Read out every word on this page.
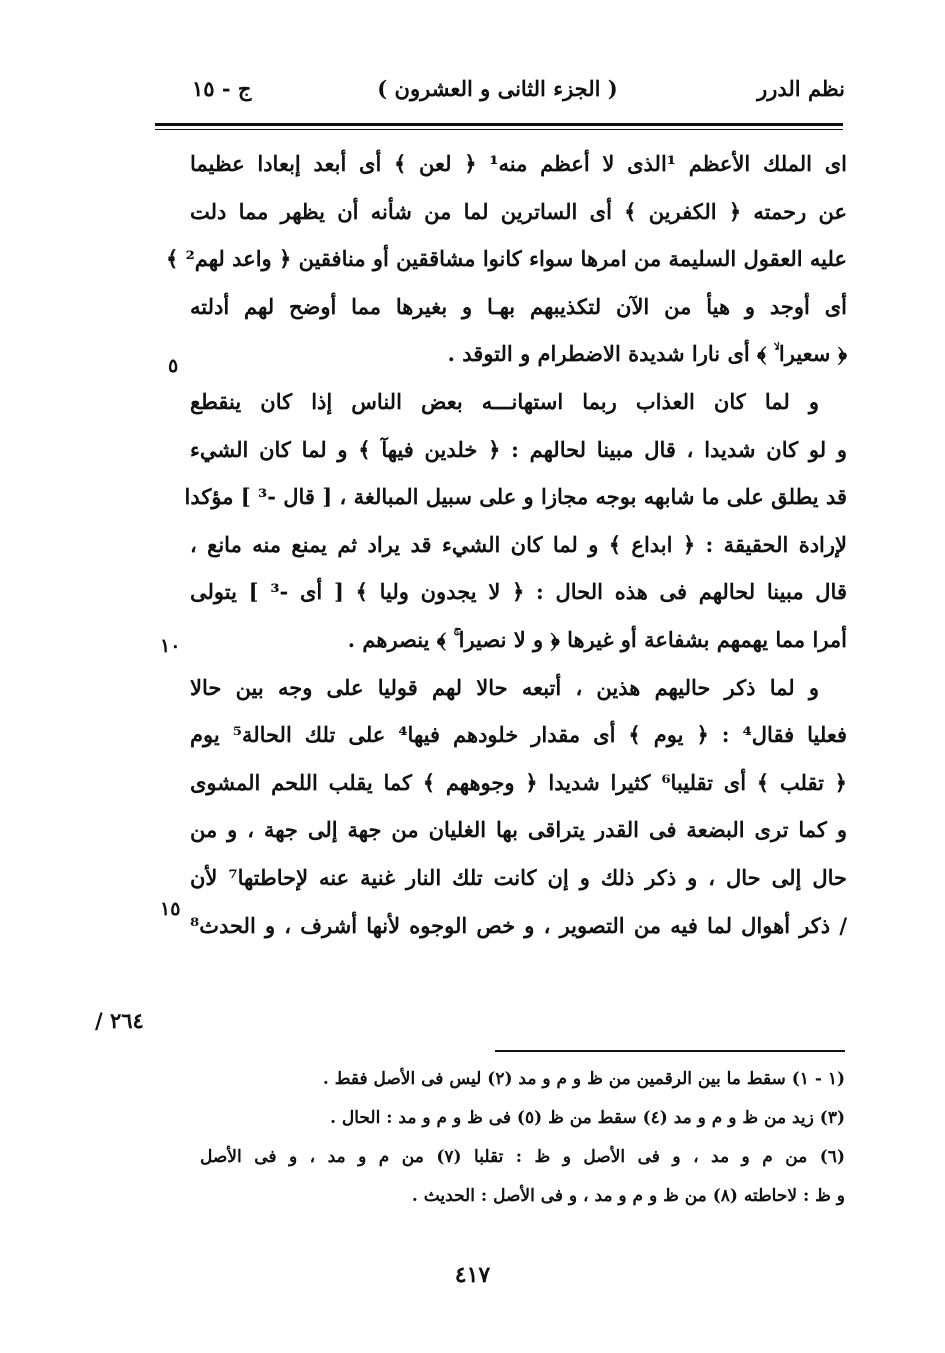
نظم الدرر
( الجزء الثانى و العشرون )
ج - ١٥
اى الملك الأعظم ¹الذى لا أعظم منه¹ ﴿ لعن ﴾ أى أبعد إبعادا عظيما
عن رحمته ﴿ الكفرين ﴾ أى الساترين لما من شأنه أن يظهر مما دلت
عليه العقول السليمة من امرها سواء كانوا مشاققين أو منافقين ﴿ واعد لهم² ﴾
أى أوجد و هيأ من الآن لتكذيبهم بهـا و بغيرها مما أوضح لهم أدلته
﴿ سعيرا ۙ ﴾ أى نارا شديدة الاضطرام و التوقد .
و لما كان العذاب ربما استهانـــه بعض الناس إذا كان ينقطع
و لو كان شديدا ، قال مبينا لحالهم : ﴿ خلدين فيهآ ﴾ و لما كان الشيء
قد يطلق على ما شابهه بوجه مجازا و على سبيل المبالغة ، [ قال -³ ] مؤكدا
لإرادة الحقيقة : ﴿ ابداع ﴾ و لما كان الشيء قد يراد ثم يمنع منه مانع ،
قال مبينا لحالهم فى هذه الحال : ﴿ لا يجدون وليا ﴾ [ أى -³ ] يتولى
أمرا مما يهمهم بشفاعة أو غيرها ﴿ و لا نصيرا ۚ ﴾ ينصرهم .
و لما ذكر حاليهم هذين ، أتبعه حالا لهم قوليا على وجه بين حالا
فعليا فقال⁴ : ﴿ يوم ﴾ أى مقدار خلودهم فيها⁴ على تلك الحالة⁵ يوم
﴿ تقلب ﴾ أى تقليبا⁶ كثيرا شديدا ﴿ وجوههم ﴾ كما يقلب اللحم المشوى
و كما ترى البضعة فى القدر يتراقى بها الغليان من جهة إلى جهة ، و من
حال إلى حال ، و ذكر ذلك و إن كانت تلك النار غنية عنه لإحاطتها⁷ لأن
/ ذكر أهوال لما فيه من التصوير ، و خص الوجوه لأنها أشرف ، و الحدث⁸
٥
١٠
١٥
٢٦٤ /
(١ - ١) سقط ما بين الرقمين من ظ و م و مد (٢) ليس فى الأصل فقط .
(٣) زيد من ظ و م و مد (٤) سقط من ظ (٥) فى ظ و م و مد : الحال .
(٦) من م و مد ، و فى الأصل و ظ : تقلبا (٧) من م و مد ، و فى الأصل
و ظ : لاحاطته (٨) من ظ و م و مد ، و فى الأصل : الحديث .
٤١٧
